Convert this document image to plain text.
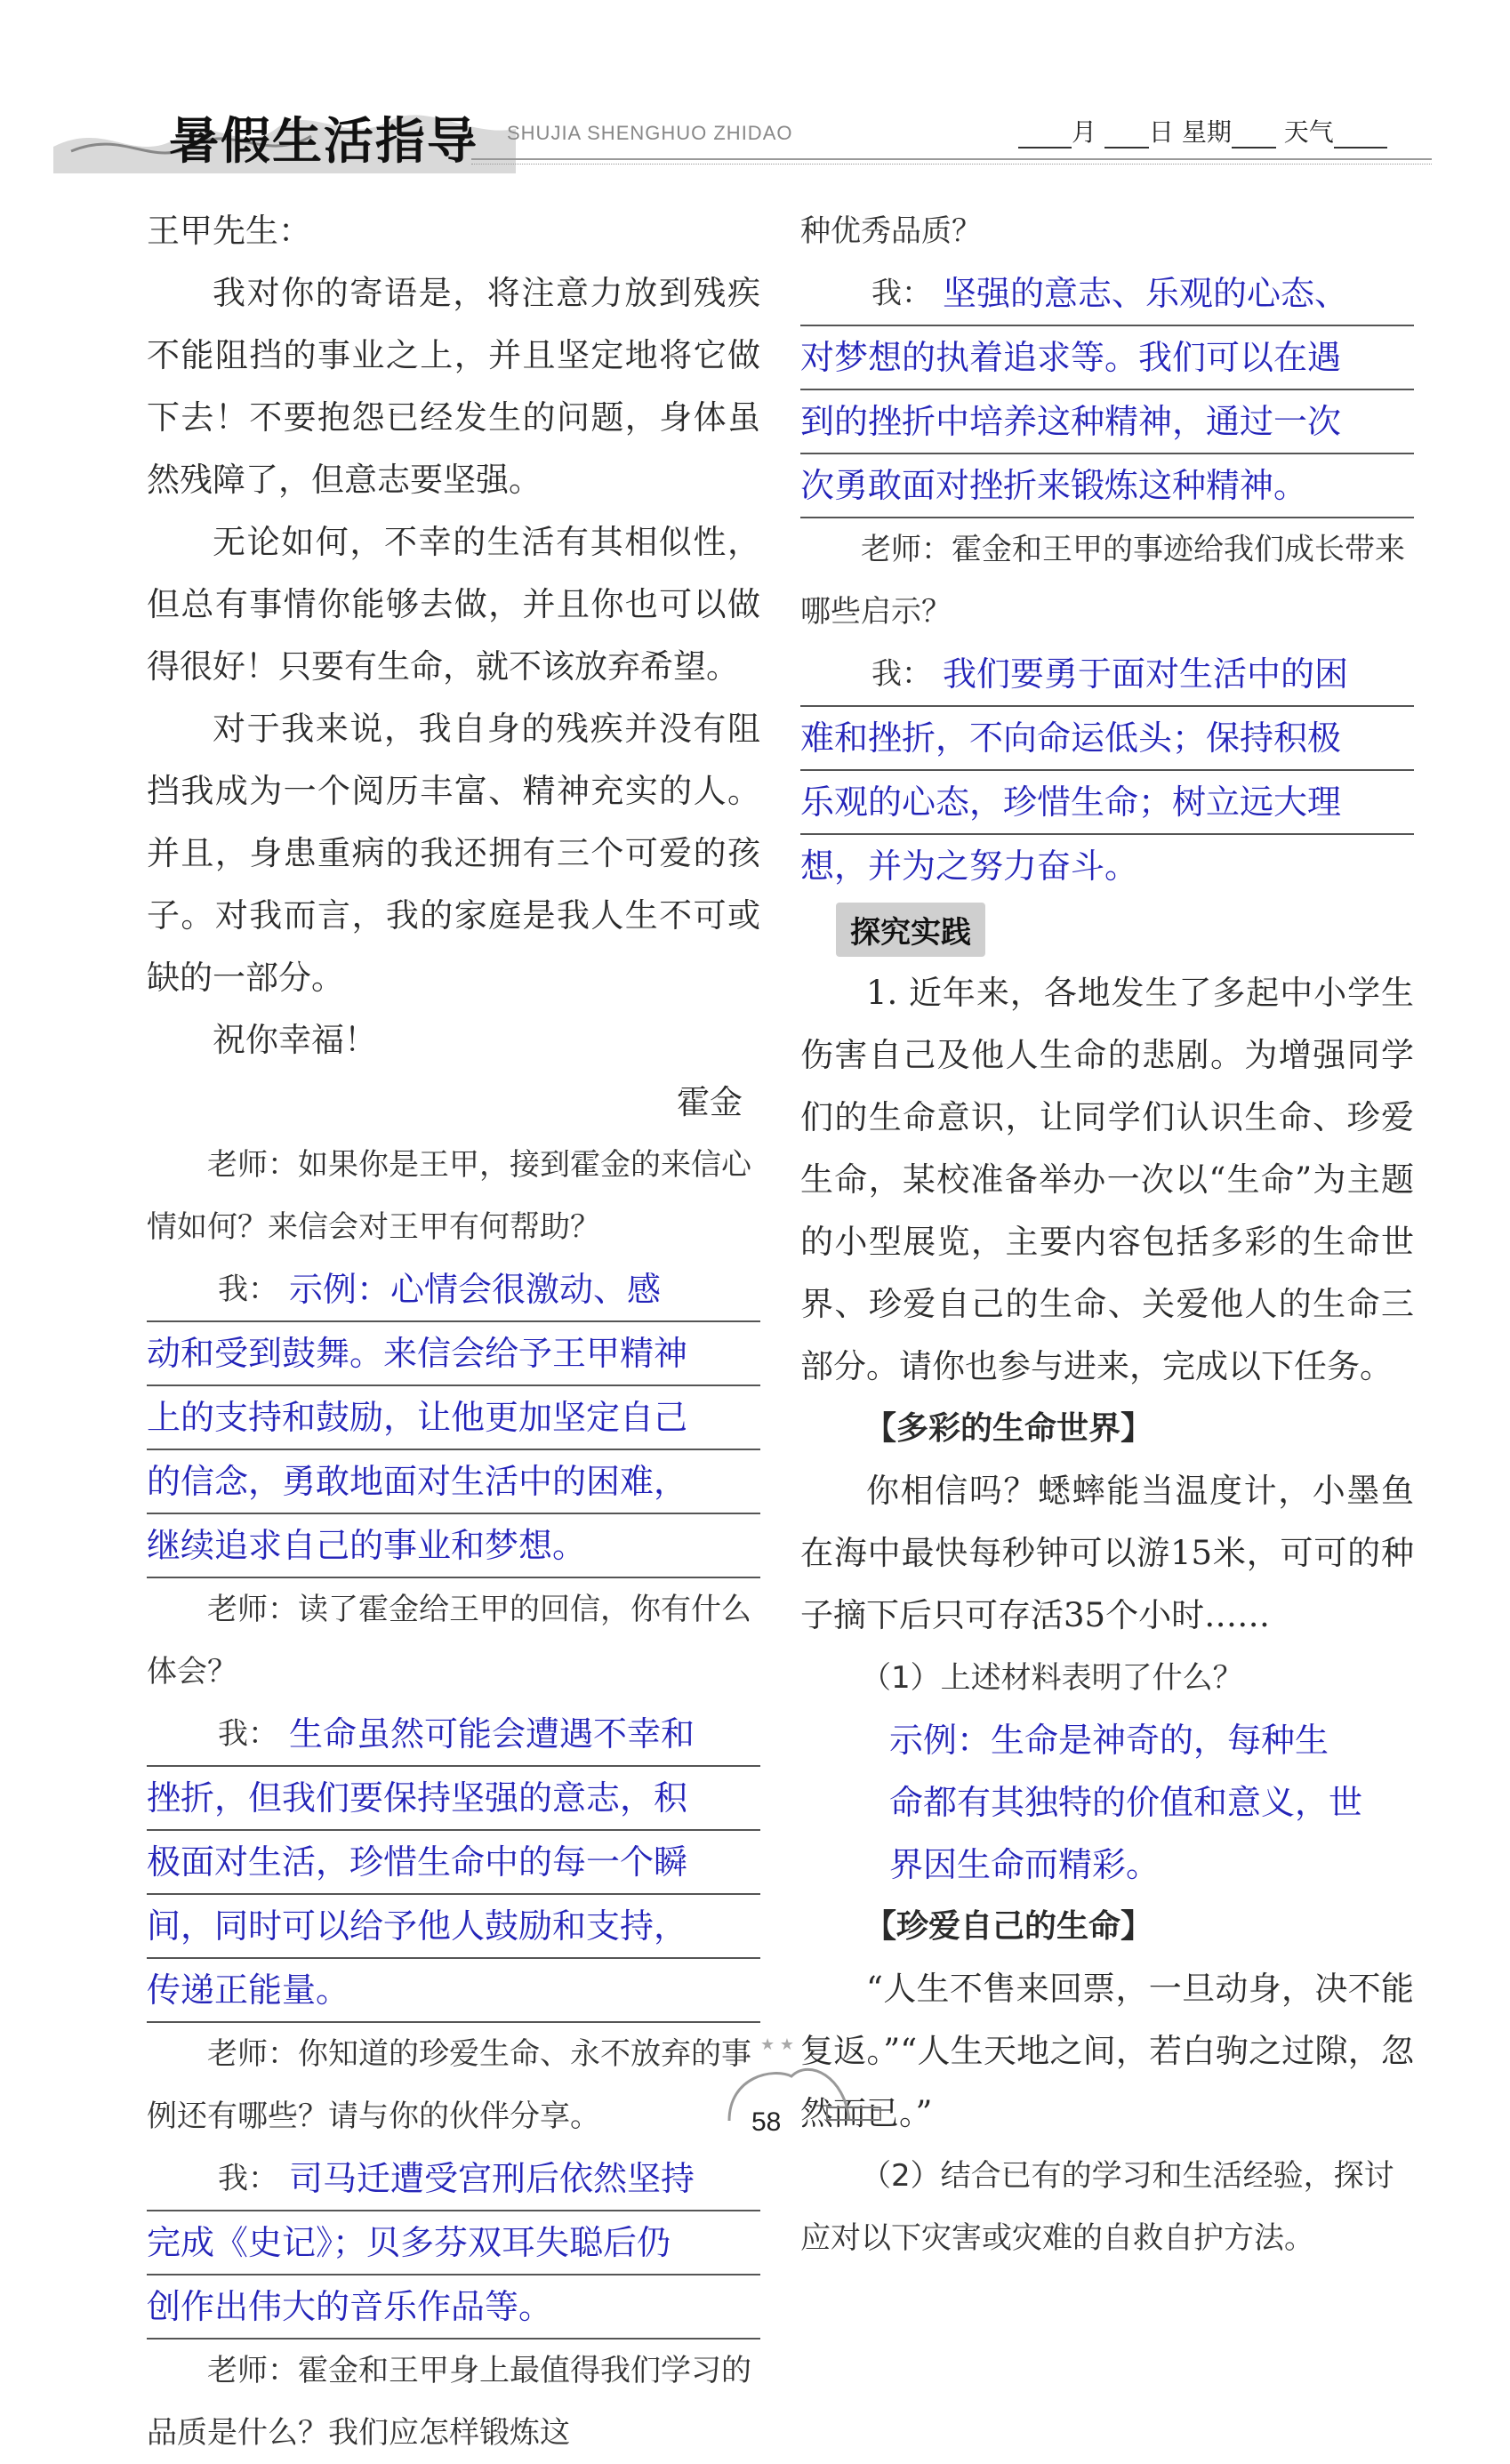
暑假生活指导 SHUJIA SHENGHUO ZHIDAO	月 日 星期 天气

王甲先生：

我对你的寄语是，将注意力放到残疾不能阻挡的事业之上，并且坚定地将它做下去！不要抱怨已经发生的问题，身体虽然残障了，但意志要坚强。

无论如何，不幸的生活有其相似性，但总有事情你能够去做，并且你也可以做得很好！只要有生命，就不该放弃希望。

对于我来说，我自身的残疾并没有阻挡我成为一个阅历丰富、精神充实的人。并且，身患重病的我还拥有三个可爱的孩子。对我而言，我的家庭是我人生不可或缺的一部分。

祝你幸福！

霍金

老师：如果你是王甲，接到霍金的来信心情如何？来信会对王甲有何帮助？

我： 示例：心情会很激动、感
动和受到鼓舞。来信会给予王甲精神
上的支持和鼓励，让他更加坚定自己
的信念，勇敢地面对生活中的困难，
继续追求自己的事业和梦想。

老师：读了霍金给王甲的回信，你有什么体会？

我： 生命虽然可能会遭遇不幸和
挫折，但我们要保持坚强的意志，积
极面对生活，珍惜生命中的每一个瞬
间，同时可以给予他人鼓励和支持，
传递正能量。

老师：你知道的珍爱生命、永不放弃的事例还有哪些？请与你的伙伴分享。

我： 司马迁遭受宫刑后依然坚持
完成《史记》；贝多芬双耳失聪后仍
创作出伟大的音乐作品等。

老师：霍金和王甲身上最值得我们学习的品质是什么？我们应怎样锻炼这

种优秀品质？

我： 坚强的意志、乐观的心态、
对梦想的执着追求等。我们可以在遇
到的挫折中培养这种精神，通过一次
次勇敢面对挫折来锻炼这种精神。

老师：霍金和王甲的事迹给我们成长带来哪些启示？

我： 我们要勇于面对生活中的困
难和挫折，不向命运低头；保持积极
乐观的心态，珍惜生命；树立远大理
想，并为之努力奋斗。
探究实践

1. 近年来，各地发生了多起中小学生伤害自己及他人生命的悲剧。为增强同学们的生命意识，让同学们认识生命、珍爱生命，某校准备举办一次以“生命”为主题的小型展览，主要内容包括多彩的生命世界、珍爱自己的生命、关爱他人的生命三部分。请你也参与进来，完成以下任务。

【多彩的生命世界】

你相信吗？蟋蟀能当温度计，小墨鱼在海中最快每秒钟可以游15米，可可的种子摘下后只可存活35个小时……

（1）上述材料表明了什么？

示例：生命是神奇的，每种生
命都有其独特的价值和意义，世
界因生命而精彩。

【珍爱自己的生命】

“人生不售来回票，一旦动身，决不能复返。”“人生天地之间，若白驹之过隙，忽然而已。”

（2）结合已有的学习和生活经验，探讨应对以下灾害或灾难的自救自护方法。

★ ★
58
